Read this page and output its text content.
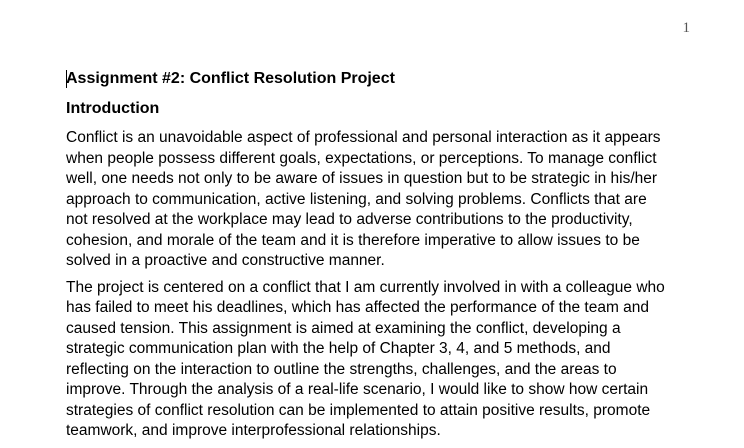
1
Assignment #2: Conflict Resolution Project
Introduction

Conflict is an unavoidable aspect of professional and personal interaction as it appears
when people possess different goals, expectations, or perceptions. To manage conflict
well, one needs not only to be aware of issues in question but to be strategic in his/her
approach to communication, active listening, and solving problems. Conflicts that are
not resolved at the workplace may lead to adverse contributions to the productivity,
cohesion, and morale of the team and it is therefore imperative to allow issues to be
solved in a proactive and constructive manner.

The project is centered on a conflict that I am currently involved in with a colleague who
has failed to meet his deadlines, which has affected the performance of the team and
caused tension. This assignment is aimed at examining the conflict, developing a
strategic communication plan with the help of Chapter 3, 4, and 5 methods, and
reflecting on the interaction to outline the strengths, challenges, and the areas to
improve. Through the analysis of a real-life scenario, I would like to show how certain
strategies of conflict resolution can be implemented to attain positive results, promote
teamwork, and improve interprofessional relationships.
